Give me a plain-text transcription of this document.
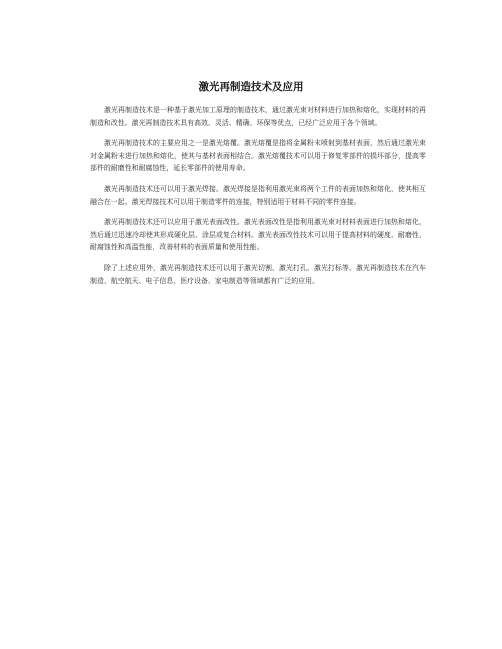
激光再制造技术及应用

激光再制造技术是一种基于激光加工原理的制造技术，通过激光束对材料进行加热和熔化，实现材料的再制造和改性。激光再制造技术具有高效、灵活、精确、环保等优点，已经广泛应用于各个领域。

激光再制造技术的主要应用之一是激光熔覆。激光熔覆是指将金属粉末喷射到基材表面，然后通过激光束对金属粉末进行加热和熔化，使其与基材表面相结合。激光熔覆技术可以用于修复零部件的损坏部分，提高零部件的耐磨性和耐腐蚀性，延长零部件的使用寿命。

激光再制造技术还可以用于激光焊接。激光焊接是指利用激光束将两个工件的表面加热和熔化，使其相互融合在一起。激光焊接技术可以用于制造零件的连接，特别适用于材料不同的零件连接。

激光再制造技术还可以应用于激光表面改性。激光表面改性是指利用激光束对材料表面进行加热和熔化，然后通过迅速冷却使其形成硬化层、涂层或复合材料。激光表面改性技术可以用于提高材料的硬度、耐磨性、耐腐蚀性和高温性能，改善材料的表面质量和使用性能。

除了上述应用外，激光再制造技术还可以用于激光切割、激光打孔、激光打标等。激光再制造技术在汽车制造、航空航天、电子信息、医疗设备、家电制造等领域都有广泛的应用。
